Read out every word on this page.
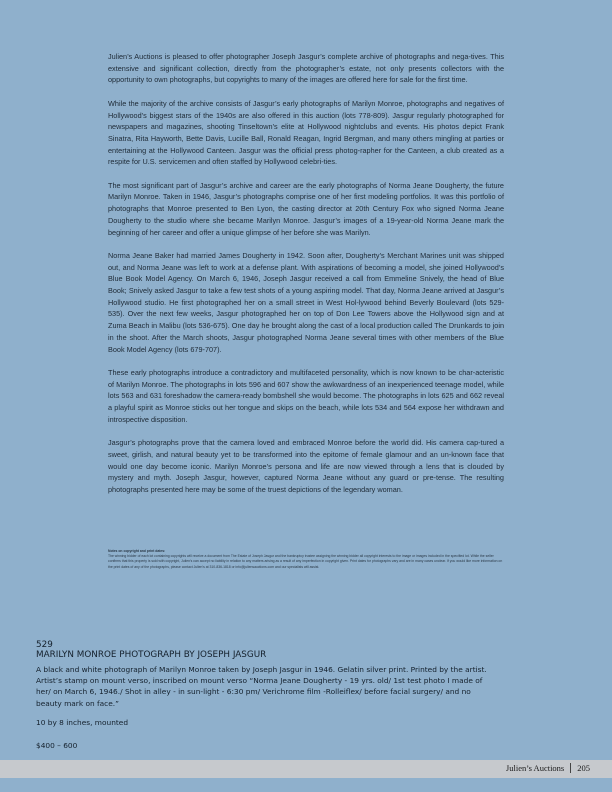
Julien’s Auctions is pleased to offer photographer Joseph Jasgur’s complete archive of photographs and nega-tives. This extensive and significant collection, directly from the photographer’s estate, not only presents collectors with the opportunity to own photographs, but copyrights to many of the images are offered here for sale for the first time.

While the majority of the archive consists of Jasgur’s early photographs of Marilyn Monroe, photographs and negatives of Hollywood’s biggest stars of the 1940s are also offered in this auction (lots 778-809). Jasgur regularly photographed for newspapers and magazines, shooting Tinseltown’s elite at Hollywood nightclubs and events. His photos depict Frank Sinatra, Rita Hayworth, Bette Davis, Lucille Ball, Ronald Reagan, Ingrid Bergman, and many others mingling at parties or entertaining at the Hollywood Canteen. Jasgur was the official press photog-rapher for the Canteen, a club created as a respite for U.S. servicemen and often staffed by Hollywood celebri-ties.

The most significant part of Jasgur’s archive and career are the early photographs of Norma Jeane Dougherty, the future Marilyn Monroe. Taken in 1946, Jasgur’s photographs comprise one of her first modeling portfolios. It was this portfolio of photographs that Monroe presented to Ben Lyon, the casting director at 20th Century Fox who signed Norma Jeane Dougherty to the studio where she became Marilyn Monroe. Jasgur’s images of a 19-year-old Norma Jeane mark the beginning of her career and offer a unique glimpse of her before she was Marilyn.

Norma Jeane Baker had married James Dougherty in 1942. Soon after, Dougherty’s Merchant Marines unit was shipped out, and Norma Jeane was left to work at a defense plant. With aspirations of becoming a model, she joined Hollywood’s Blue Book Model Agency. On March 6, 1946, Joseph Jasgur received a call from Emmeline Snively, the head of Blue Book; Snively asked Jasgur to take a few test shots of a young aspiring model. That day, Norma Jeane arrived at Jasgur’s Hollywood studio. He first photographed her on a small street in West Hol-lywood behind Beverly Boulevard (lots 529-535). Over the next few weeks, Jasgur photographed her on top of Don Lee Towers above the Hollywood sign and at Zuma Beach in Malibu (lots 536-675). One day he brought along the cast of a local production called The Drunkards to join in the shoot. After the March shoots, Jasgur photographed Norma Jeane several times with other members of the Blue Book Model Agency (lots 679-707).

These early photographs introduce a contradictory and multifaceted personality, which is now known to be char-acteristic of Marilyn Monroe. The photographs in lots 596 and 607 show the awkwardness of an inexperienced teenage model, while lots 563 and 631 foreshadow the camera-ready bombshell she would become. The photographs in lots 625 and 662 reveal a playful spirit as Monroe sticks out her tongue and skips on the beach, while lots 534 and 564 expose her withdrawn and introspective disposition.

Jasgur’s photographs prove that the camera loved and embraced Monroe before the world did. His camera cap-tured a sweet, girlish, and natural beauty yet to be transformed into the epitome of female glamour and an un-known face that would one day become iconic. Marilyn Monroe’s persona and life are now viewed through a lens that is clouded by mystery and myth. Joseph Jasgur, however, captured Norma Jeane without any guard or pre-tense. The resulting photographs presented here may be some of the truest depictions of the legendary woman.

Notes on copyright and print dates:
The winning bidder of each lot containing copyrights will receive a document from The Estate of Joseph Jasgur and the bankruptcy trustee assigning the winning bidder all copyright interests to the image or images included in the specified lot. While the seller confirms that this property is sold with copyright, Julien’s can accept no liability in relation to any matters arising as a result of any imperfection in copyright given. Print dates for photographs vary and are in many cases unclear. If you would like more information on the print dates of any of the photographs, please contact Julien’s at 310-836-1818 or info@juliensauctions.com and our specialists will assist.
529
MARILYN MONROE PHOTOGRAPH BY JOSEPH JASGUR
A black and white photograph of Marilyn Monroe taken by Joseph Jasgur in 1946. Gelatin silver print. Printed by the artist. Artist’s stamp on mount verso, inscribed on mount verso “Norma Jeane Dougherty - 19 yrs. old/ 1st test photo I made of her/ on March 6, 1946./ Shot in alley - in sun-light - 6:30 pm/ Verichrome film -Rolleiflex/ before facial surgery/ and no beauty mark on face.”
10 by 8 inches, mounted
$400 – 600
Julien’s Auctions 205
